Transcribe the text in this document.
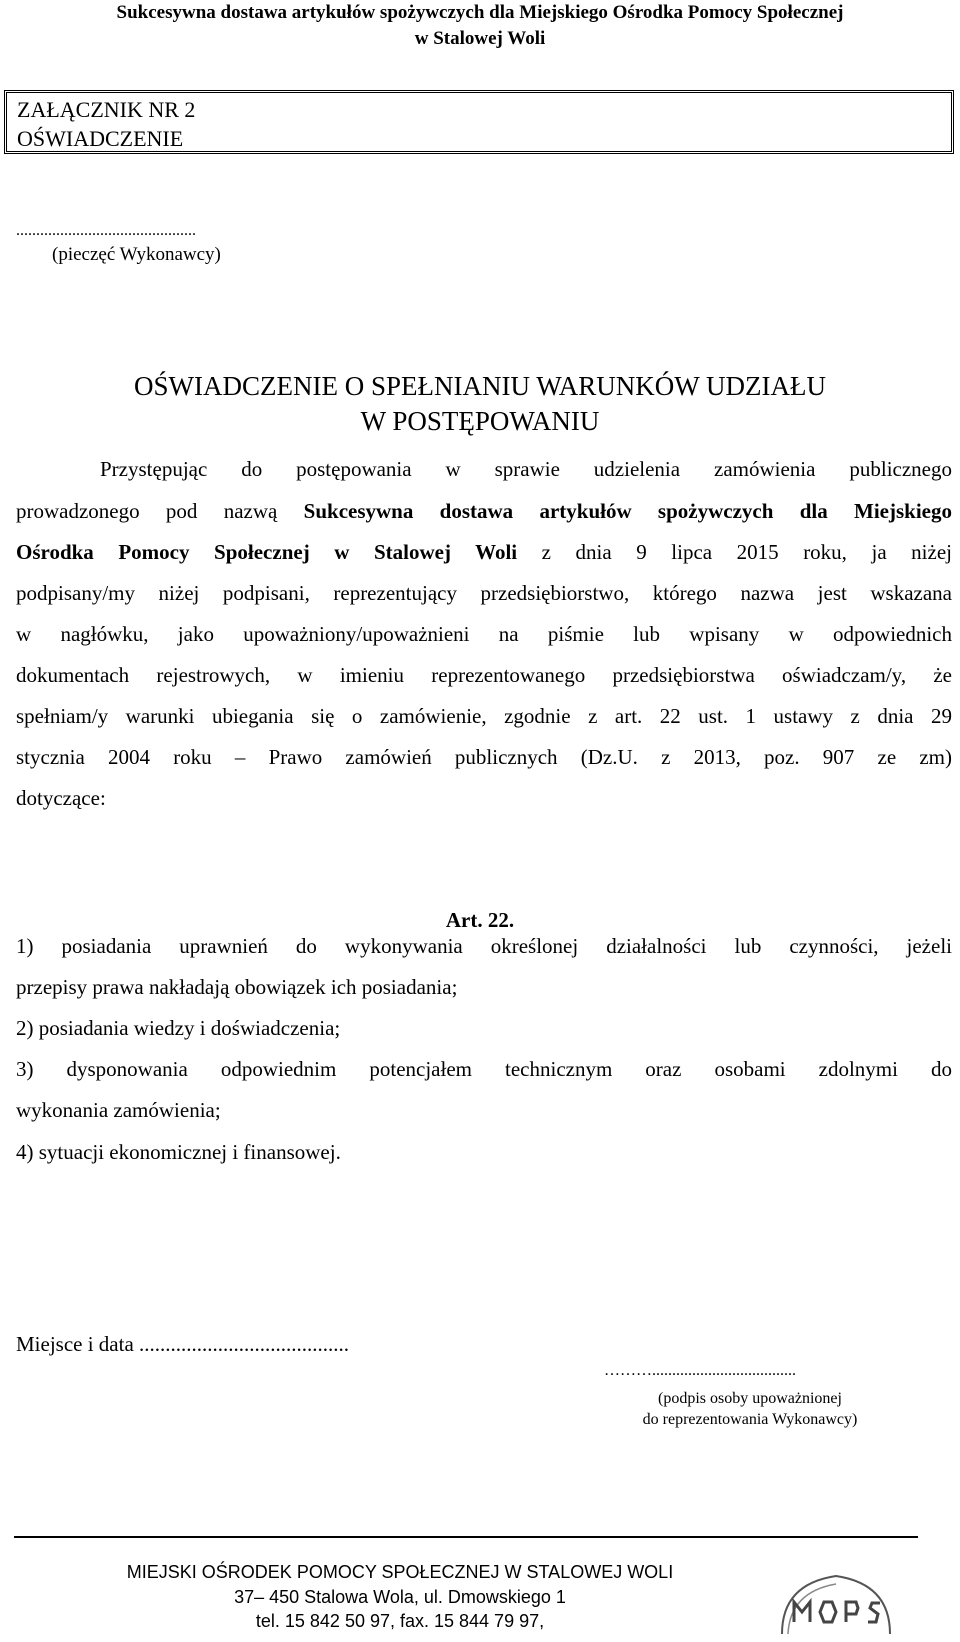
Sukcesywna dostawa artykułów spożywczych dla Miejskiego Ośrodka Pomocy Społecznej
w Stalowej Woli
ZAŁĄCZNIK NR 2
OŚWIADCZENIE
.............................................
(pieczęć Wykonawcy)
OŚWIADCZENIE O SPEŁNIANIU WARUNKÓW UDZIAŁU
W POSTĘPOWANIU
Przystępując do postępowania w sprawie udzielenia zamówienia publicznego
prowadzonego pod nazwą Sukcesywna dostawa artykułów spożywczych dla Miejskiego
Ośrodka Pomocy Społecznej w Stalowej Woli z dnia 9 lipca 2015 roku, ja niżej
podpisany/my niżej podpisani, reprezentujący przedsiębiorstwo, którego nazwa jest wskazana
w nagłówku, jako upoważniony/upoważnieni na piśmie lub wpisany w odpowiednich
dokumentach rejestrowych, w imieniu reprezentowanego przedsiębiorstwa oświadczam/y, że
spełniam/y warunki ubiegania się o zamówienie, zgodnie z art. 22 ust. 1 ustawy z dnia 29
stycznia 2004 roku – Prawo zamówień publicznych (Dz.U. z 2013, poz. 907 ze zm)
dotyczące:
Art. 22.
1) posiadania uprawnień do wykonywania określonej działalności lub czynności, jeżeli
przepisy prawa nakładają obowiązek ich posiadania;
2) posiadania wiedzy i doświadczenia;
3) dysponowania odpowiednim potencjałem technicznym oraz osobami zdolnymi do
wykonania zamówienia;
4) sytuacji ekonomicznej i finansowej.
Miejsce i data ........................................
………....................................
(podpis osoby upoważnionej
do reprezentowania Wykonawcy)
MIEJSKI OŚRODEK POMOCY SPOŁECZNEJ W STALOWEJ WOLI
37– 450 Stalowa Wola, ul. Dmowskiego 1
tel. 15 842 50 97, fax. 15 844 79 97,
